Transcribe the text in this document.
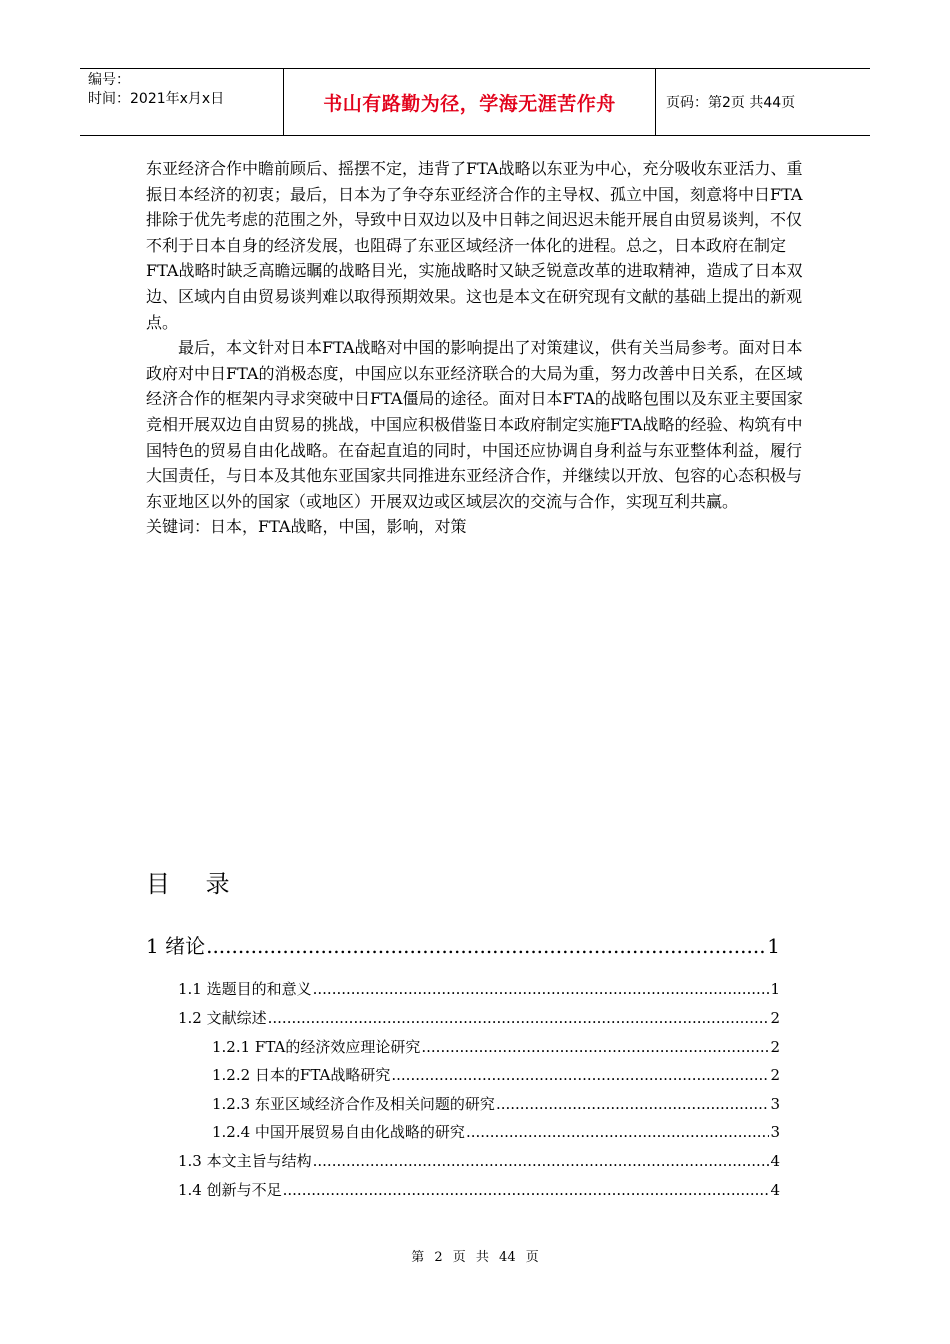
编号：
时间：2021年x月x日	书山有路勤为径，学海无涯苦作舟	页码：第2页 共44页

东亚经济合作中瞻前顾后、摇摆不定，违背了FTA战略以东亚为中心，充分吸收东亚活力、重振日本经济的初衷；最后，日本为了争夺东亚经济合作的主导权、孤立中国，刻意将中日FTA排除于优先考虑的范围之外，导致中日双边以及中日韩之间迟迟未能开展自由贸易谈判，不仅不利于日本自身的经济发展，也阻碍了东亚区域经济一体化的进程。总之，日本政府在制定FTA战略时缺乏高瞻远瞩的战略目光，实施战略时又缺乏锐意改革的进取精神，造成了日本双边、区域内自由贸易谈判难以取得预期效果。这也是本文在研究现有文献的基础上提出的新观点。

最后，本文针对日本FTA战略对中国的影响提出了对策建议，供有关当局参考。面对日本政府对中日FTA的消极态度，中国应以东亚经济联合的大局为重，努力改善中日关系，在区域经济合作的框架内寻求突破中日FTA僵局的途径。面对日本FTA的战略包围以及东亚主要国家竞相开展双边自由贸易的挑战，中国应积极借鉴日本政府制定实施FTA战略的经验、构筑有中国特色的贸易自由化战略。在奋起直追的同时，中国还应协调自身利益与东亚整体利益，履行大国责任，与日本及其他东亚国家共同推进东亚经济合作，并继续以开放、包容的心态积极与东亚地区以外的国家（或地区）开展双边或区域层次的交流与合作，实现互利共赢。

关键词：日本，FTA战略，中国，影响，对策

目 录
1 绪论 .....	1
1.1 选题目的和意义 .....	1
1.2 文献综述 .....	2
1.2.1 FTA的经济效应理论研究 .....	2
1.2.2 日本的FTA战略研究 .....	2
1.2.3 东亚区域经济合作及相关问题的研究 .....	3
1.2.4 中国开展贸易自由化战略的研究 .....	3
1.3 本文主旨与结构 .....	4
1.4 创新与不足 .....	4
第 2 页 共 44 页
